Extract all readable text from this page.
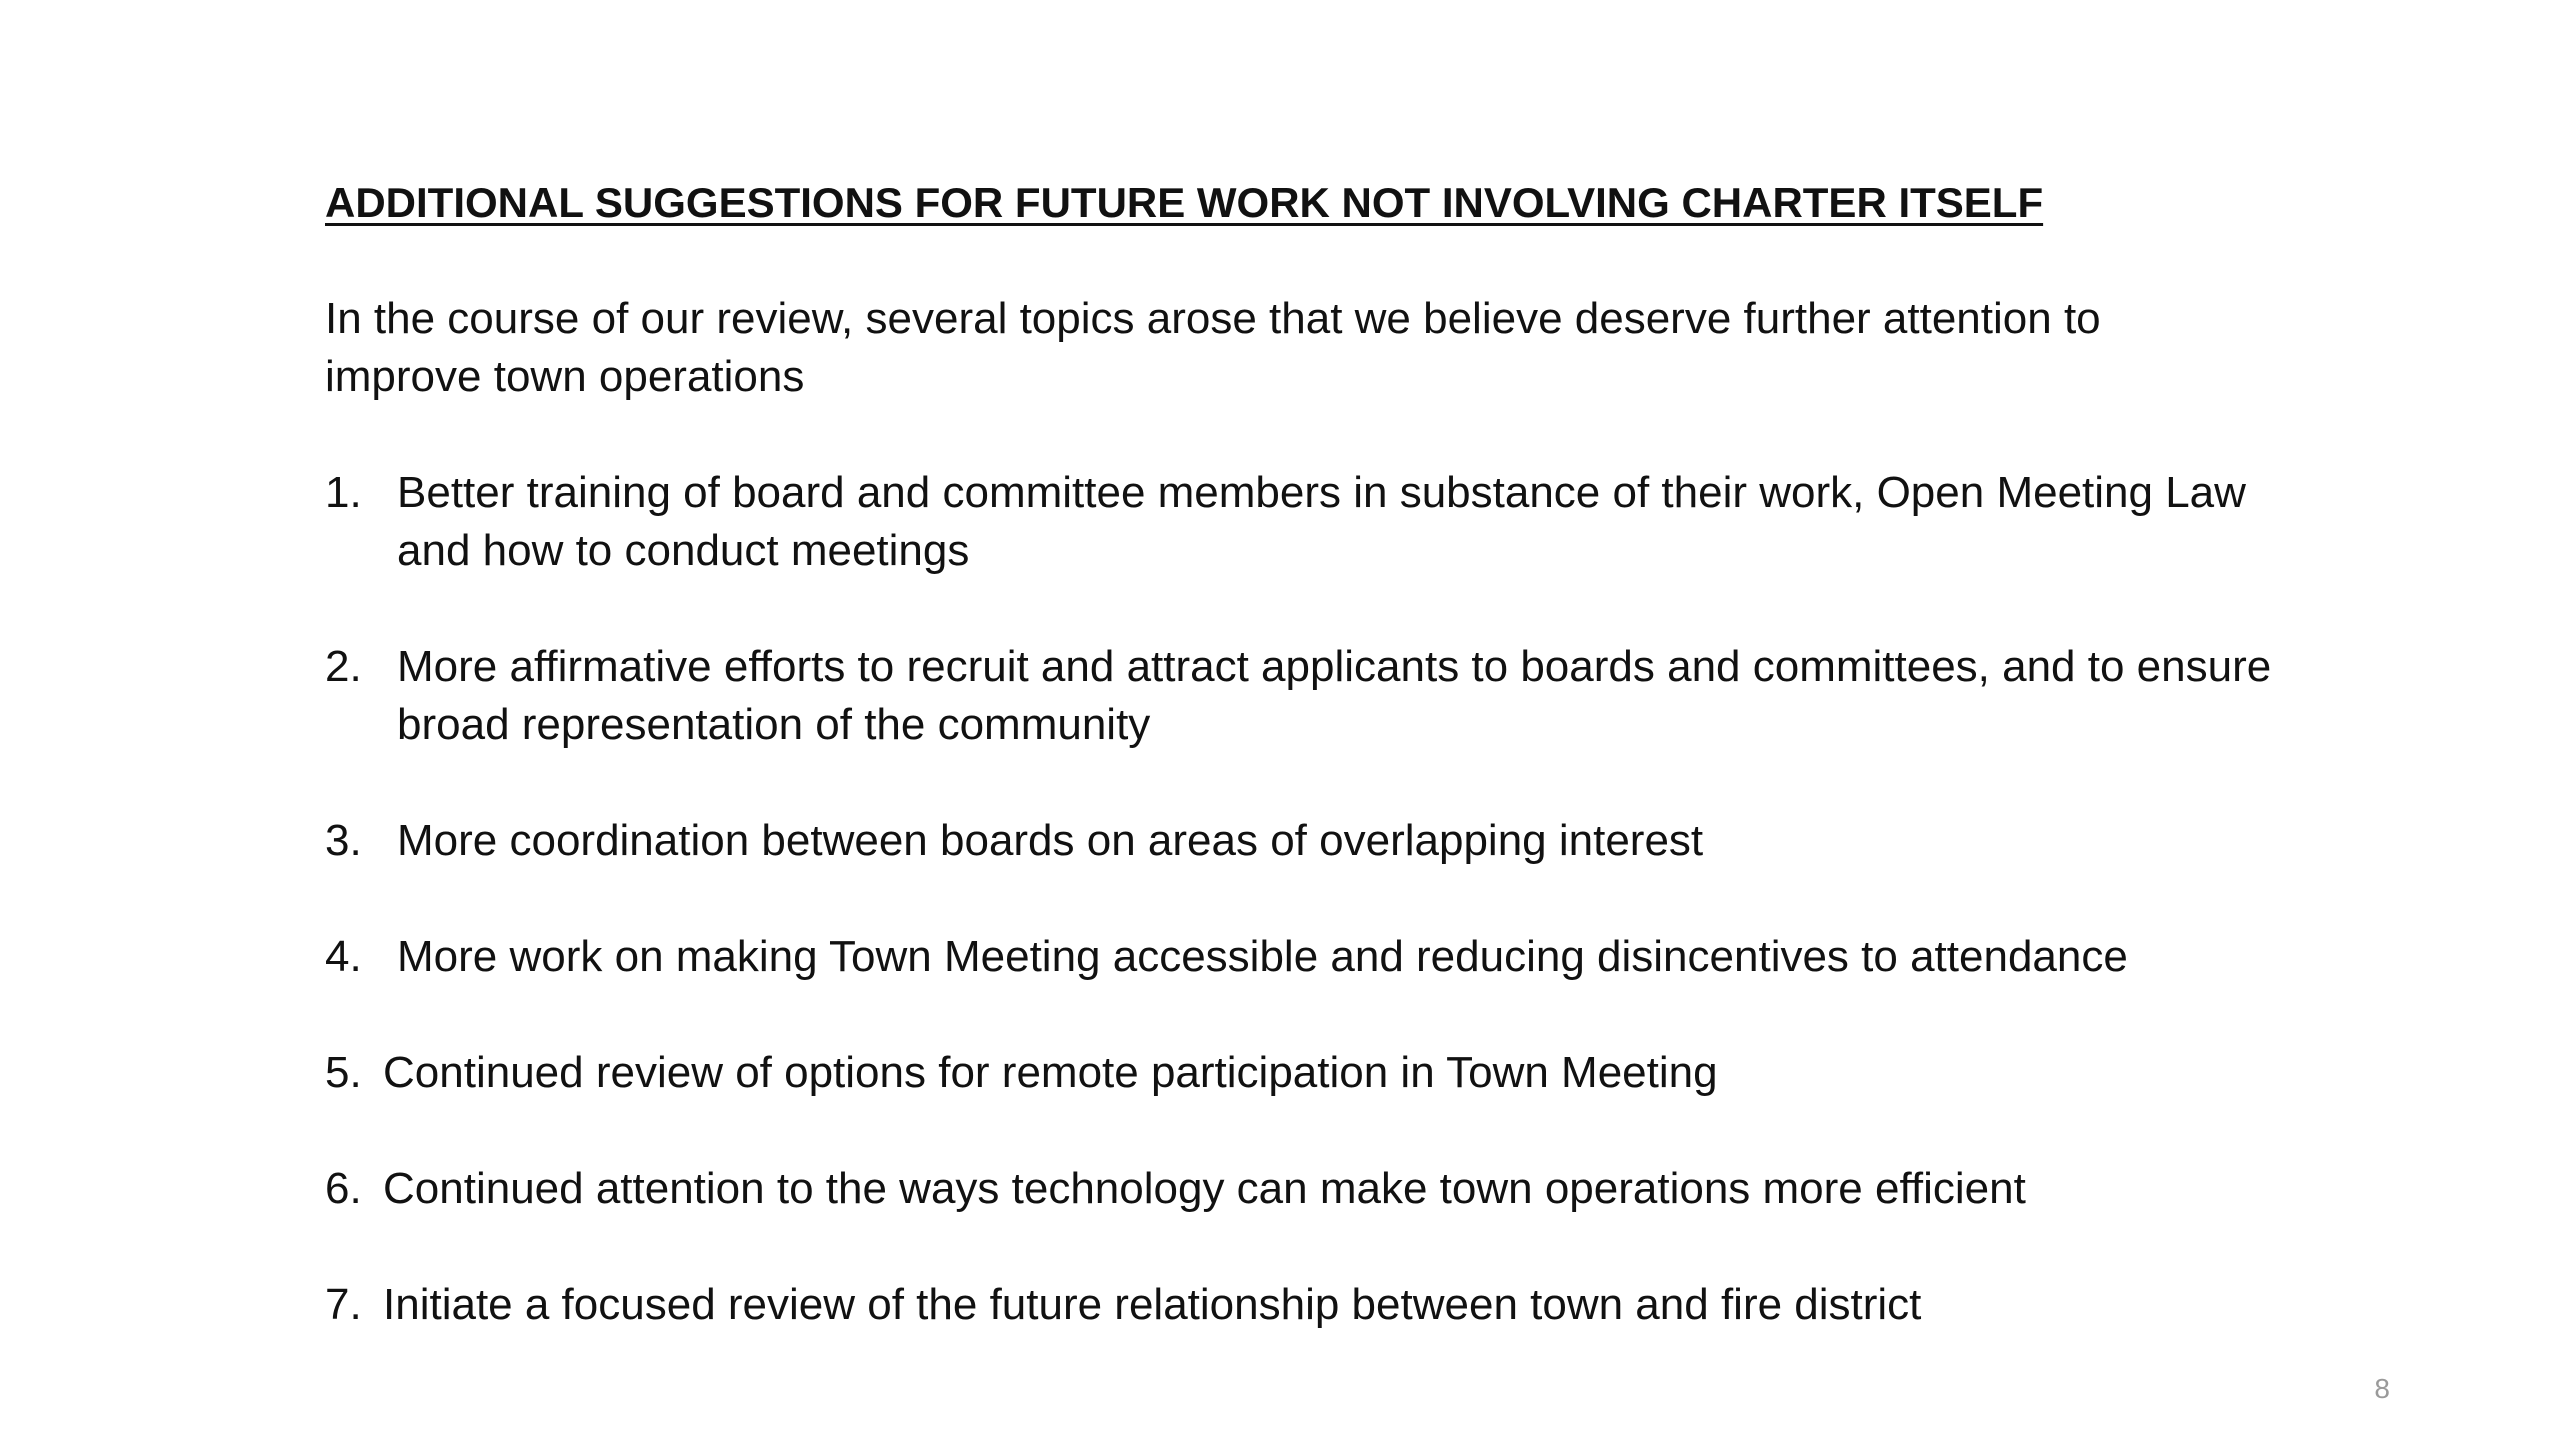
ADDITIONAL SUGGESTIONS FOR FUTURE WORK NOT INVOLVING CHARTER ITSELF
In the course of our review, several topics arose that we believe deserve further attention to improve town operations
1. Better training of board and committee members in substance of their work, Open Meeting Law and how to conduct meetings
2. More affirmative efforts to recruit and attract applicants to boards and committees, and to ensure broad representation of the community
3. More coordination between boards on areas of overlapping interest
4. More work on making Town Meeting accessible and reducing disincentives to attendance
5. Continued review of options for remote participation in Town Meeting
6. Continued attention to the ways technology can make town operations more efficient
7. Initiate a focused review of the future relationship between town and fire district
8
